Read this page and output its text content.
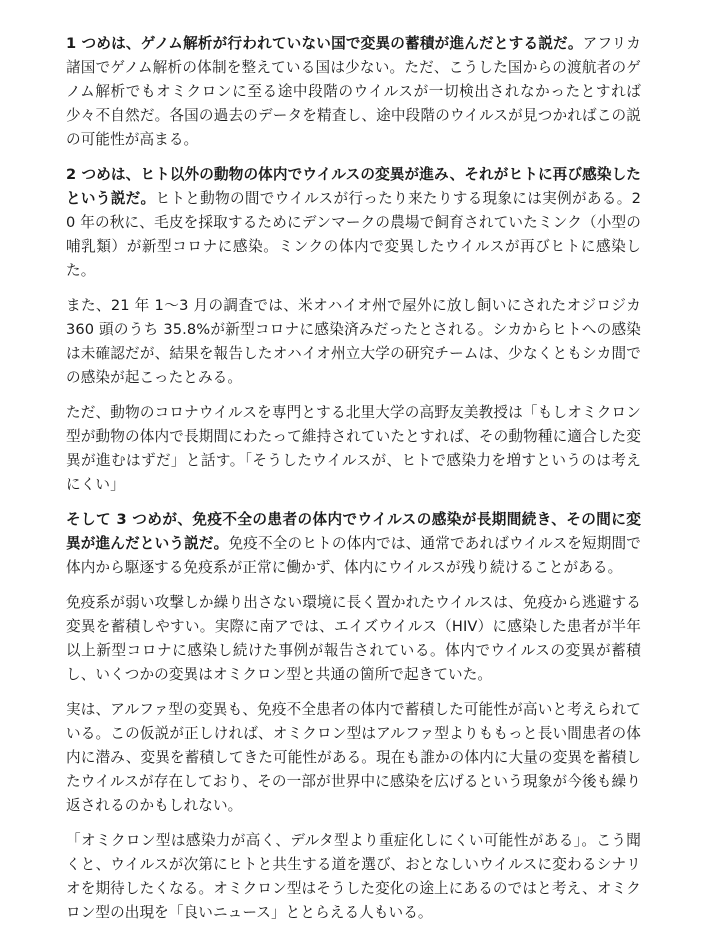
1 つめは、ゲノム解析が行われていない国で変異の蓄積が進んだとする説だ。アフリカ諸国でゲノム解析の体制を整えている国は少ない。ただ、こうした国からの渡航者のゲノム解析でもオミクロンに至る途中段階のウイルスが一切検出されなかったとすれば少々不自然だ。各国の過去のデータを精査し、途中段階のウイルスが見つかればこの説の可能性が高まる。

2 つめは、ヒト以外の動物の体内でウイルスの変異が進み、それがヒトに再び感染したという説だ。ヒトと動物の間でウイルスが行ったり来たりする現象には実例がある。20 年の秋に、毛皮を採取するためにデンマークの農場で飼育されていたミンク（小型の哺乳類）が新型コロナに感染。ミンクの体内で変異したウイルスが再びヒトに感染した。

また、21 年 1～3 月の調査では、米オハイオ州で屋外に放し飼いにされたオジロジカ 360 頭のうち 35.8%が新型コロナに感染済みだったとされる。シカからヒトへの感染は未確認だが、結果を報告したオハイオ州立大学の研究チームは、少なくともシカ間での感染が起こったとみる。

ただ、動物のコロナウイルスを専門とする北里大学の高野友美教授は「もしオミクロン型が動物の体内で長期間にわたって維持されていたとすれば、その動物種に適合した変異が進むはずだ」と話す。「そうしたウイルスが、ヒトで感染力を増すというのは考えにくい」

そして 3 つめが、免疫不全の患者の体内でウイルスの感染が長期間続き、その間に変異が進んだという説だ。免疫不全のヒトの体内では、通常であればウイルスを短期間で体内から駆逐する免疫系が正常に働かず、体内にウイルスが残り続けることがある。

免疫系が弱い攻撃しか繰り出さない環境に長く置かれたウイルスは、免疫から逃避する変異を蓄積しやすい。実際に南アでは、エイズウイルス（HIV）に感染した患者が半年以上新型コロナに感染し続けた事例が報告されている。体内でウイルスの変異が蓄積し、いくつかの変異はオミクロン型と共通の箇所で起きていた。

実は、アルファ型の変異も、免疫不全患者の体内で蓄積した可能性が高いと考えられている。この仮説が正しければ、オミクロン型はアルファ型よりももっと長い間患者の体内に潜み、変異を蓄積してきた可能性がある。現在も誰かの体内に大量の変異を蓄積したウイルスが存在しており、その一部が世界中に感染を広げるという現象が今後も繰り返されるのかもしれない。

「オミクロン型は感染力が高く、デルタ型より重症化しにくい可能性がある」。こう聞くと、ウイルスが次第にヒトと共生する道を選び、おとなしいウイルスに変わるシナリオを期待したくなる。オミクロン型はそうした変化の途上にあるのではと考え、オミクロン型の出現を「良いニュース」ととらえる人もいる。
